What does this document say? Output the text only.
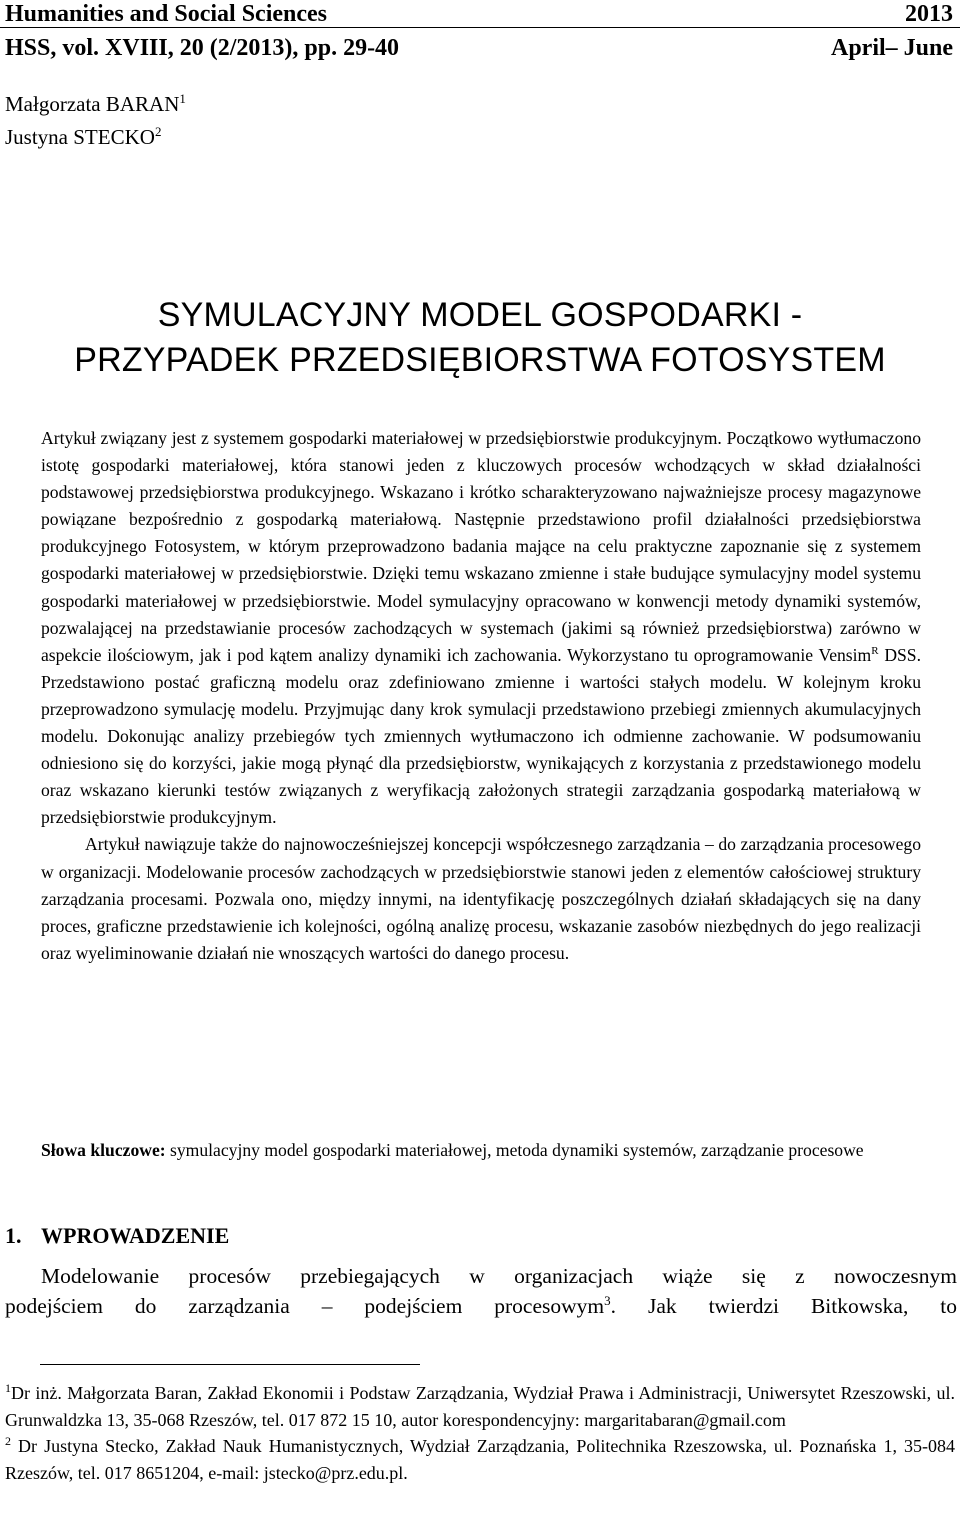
Humanities and Social Sciences	2013
HSS, vol. XVIII, 20 (2/2013), pp. 29-40	April– June
Małgorzata BARAN$^1$
Justyna STECKO$^2$
SYMULACYJNY MODEL GOSPODARKI -
PRZYPADEK PRZEDSIĘBIORSTWA FOTOSYSTEM

Artykuł związany jest z systemem gospodarki materiałowej w przedsiębiorstwie produkcyjnym. Początkowo wytłumaczono istotę gospodarki materiałowej, która stanowi jeden z kluczowych procesów wchodzących w skład działalności podstawowej przedsiębiorstwa produkcyjnego. Wskazano i krótko scharakteryzowano najważniejsze procesy magazynowe powiązane bezpośrednio z gospodarką materiałową. Następnie przedstawiono profil działalności przedsiębiorstwa produkcyjnego Fotosystem, w którym przeprowadzono badania mające na celu praktyczne zapoznanie się z systemem gospodarki materiałowej w przedsiębiorstwie. Dzięki temu wskazano zmienne i stałe budujące symulacyjny model systemu gospodarki materiałowej w przedsiębiorstwie. Model symulacyjny opracowano w konwencji metody dynamiki systemów, pozwalającej na przedstawianie procesów zachodzących w systemach (jakimi są również przedsiębiorstwa) zarówno w aspekcie ilościowym, jak i pod kątem analizy dynamiki ich zachowania. Wykorzystano tu oprogramowanie Vensim$^R$ DSS. Przedstawiono postać graficzną modelu oraz zdefiniowano zmienne i wartości stałych modelu. W kolejnym kroku przeprowadzono symulację modelu. Przyjmując dany krok symulacji przedstawiono przebiegi zmiennych akumulacyjnych modelu. Dokonując analizy przebiegów tych zmiennych wytłumaczono ich odmienne zachowanie. W podsumowaniu odniesiono się do korzyści, jakie mogą płynąć dla przedsiębiorstw, wynikających z korzystania z przedstawionego modelu oraz wskazano kierunki testów związanych z weryfikacją założonych strategii zarządzania gospodarką materiałową w przedsiębiorstwie produkcyjnym.

Artykuł nawiązuje także do najnowocześniejszej koncepcji współczesnego zarządzania – do zarządzania procesowego w organizacji. Modelowanie procesów zachodzących w przedsiębiorstwie stanowi jeden z elementów całościowej struktury zarządzania procesami. Pozwala ono, między innymi, na identyfikację poszczególnych działań składających się na dany proces, graficzne przedstawienie ich kolejności, ogólną analizę procesu, wskazanie zasobów niezbędnych do jego realizacji oraz wyeliminowanie działań nie wnoszących wartości do danego procesu.

Słowa kluczowe: symulacyjny model gospodarki materiałowej, metoda dynamiki systemów, zarządzanie procesowe
1. WPROWADZENIE
Modelowanie procesów przebiegających w organizacjach wiąże się z nowoczesnym
podejściem do zarządzania – podejściem procesowym$^3$. Jak twierdzi Bitkowska, to

$^1$Dr inż. Małgorzata Baran, Zakład Ekonomii i Podstaw Zarządzania, Wydział Prawa i Administracji, Uniwersytet Rzeszowski, ul. Grunwaldzka 13, 35-068 Rzeszów, tel. 017 872 15 10, autor korespondencyjny: margaritabaran@gmail.com

$^2$ Dr Justyna Stecko, Zakład Nauk Humanistycznych, Wydział Zarządzania, Politechnika Rzeszowska, ul. Poznańska 1, 35-084 Rzeszów, tel. 017 8651204, e-mail: jstecko@prz.edu.pl.
